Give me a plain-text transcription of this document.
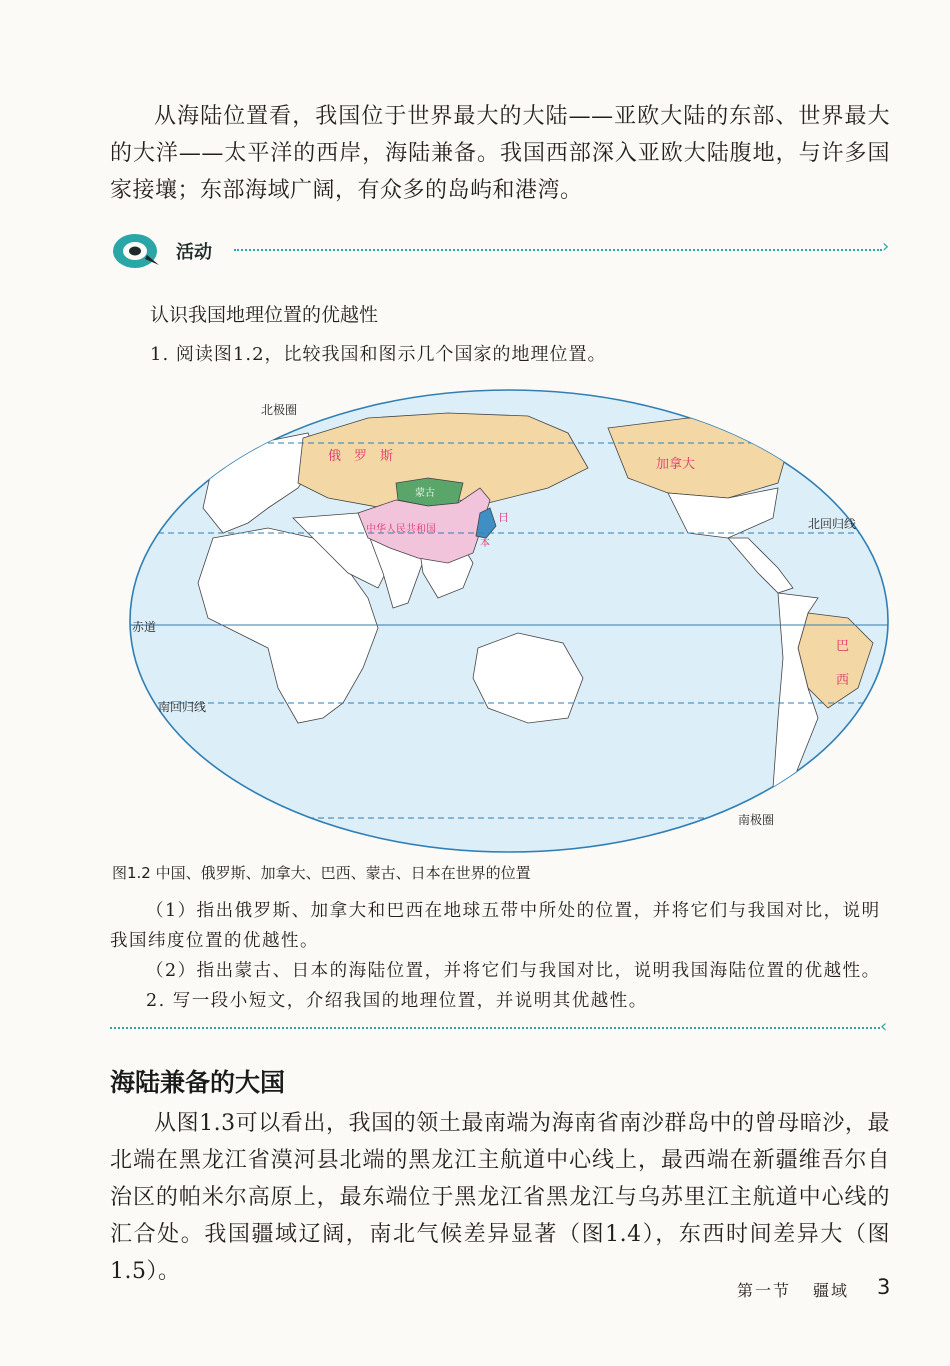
从海陆位置看，我国位于世界最大的大陆——亚欧大陆的东部、世界最大的大洋——太平洋的西岸，海陆兼备。我国西部深入亚欧大陆腹地，与许多国家接壤；东部海域广阔，有众多的岛屿和港湾。

活动	›
认识我国地理位置的优越性
1. 阅读图1.2，比较我国和图示几个国家的地理位置。
北极圈
北回归线
赤道
南回归线
南极圈
俄　罗　斯
加拿大
中华人民共和国
蒙古
日
本
巴
西
图1.2 中国、俄罗斯、加拿大、巴西、蒙古、日本在世界的位置

（1）指出俄罗斯、加拿大和巴西在地球五带中所处的位置，并将它们与我国对比，说明我国纬度位置的优越性。

（2）指出蒙古、日本的海陆位置，并将它们与我国对比，说明我国海陆位置的优越性。

2. 写一段小短文，介绍我国的地理位置，并说明其优越性。

‹
海陆兼备的大国

从图1.3可以看出，我国的领土最南端为海南省南沙群岛中的曾母暗沙，最北端在黑龙江省漠河县北端的黑龙江主航道中心线上，最西端在新疆维吾尔自治区的帕米尔高原上，最东端位于黑龙江省黑龙江与乌苏里江主航道中心线的汇合处。我国疆域辽阔，南北气候差异显著（图1.4），东西时间差异大（图1.5）。

第一节 疆域 3
